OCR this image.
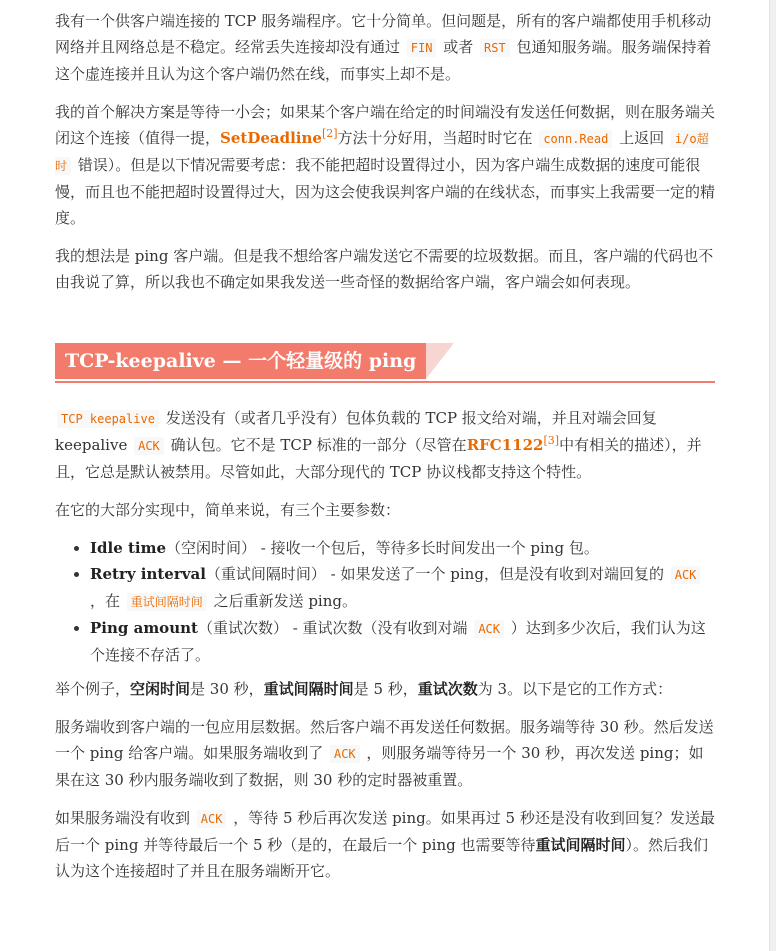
我有一个供客户端连接的 TCP 服务端程序。它十分简单。但问题是，所有的客户端都使用手机移动网络并且网络总是不稳定。经常丢失连接却没有通过 FIN 或者 RST 包通知服务端。服务端保持着这个虚连接并且认为这个客户端仍然在线，而事实上却不是。

我的首个解决方案是等待一小会；如果某个客户端在给定的时间端没有发送任何数据，则在服务端关闭这个连接（值得一提，SetDeadline[2]方法十分好用，当超时时它在 conn.Read 上返回 i/o超时 错误）。但是以下情况需要考虑：我不能把超时设置得过小，因为客户端生成数据的速度可能很慢，而且也不能把超时设置得过大，因为这会使我误判客户端的在线状态，而事实上我需要一定的精度。

我的想法是 ping 客户端。但是我不想给客户端发送它不需要的垃圾数据。而且，客户端的代码也不由我说了算，所以我也不确定如果我发送一些奇怪的数据给客户端，客户端会如何表现。

TCP-keepalive — 一个轻量级的 ping

TCP keepalive 发送没有（或者几乎没有）包体负载的 TCP 报文给对端，并且对端会回复 keepalive ACK 确认包。它不是 TCP 标准的一部分（尽管在RFC1122[3]中有相关的描述），并且，它总是默认被禁用。尽管如此，大部分现代的 TCP 协议栈都支持这个特性。

在它的大部分实现中，简单来说，有三个主要参数：

• Idle time（空闲时间） - 接收一个包后，等待多长时间发出一个 ping 包。
• Retry interval（重试间隔时间） - 如果发送了一个 ping，但是没有收到对端回复的 ACK ，在 重试间隔时间 之后重新发送 ping。
• Ping amount（重试次数） - 重试次数（没有收到对端 ACK ）达到多少次后，我们认为这个连接不存活了。

举个例子，空闲时间是 30 秒，重试间隔时间是 5 秒，重试次数为 3。以下是它的工作方式：

服务端收到客户端的一包应用层数据。然后客户端不再发送任何数据。服务端等待 30 秒。然后发送一个 ping 给客户端。如果服务端收到了 ACK ，则服务端等待另一个 30 秒，再次发送 ping；如果在这 30 秒内服务端收到了数据，则 30 秒的定时器被重置。

如果服务端没有收到 ACK ，等待 5 秒后再次发送 ping。如果再过 5 秒还是没有收到回复？发送最后一个 ping 并等待最后一个 5 秒（是的，在最后一个 ping 也需要等待重试间隔时间）。然后我们认为这个连接超时了并且在服务端断开它。
